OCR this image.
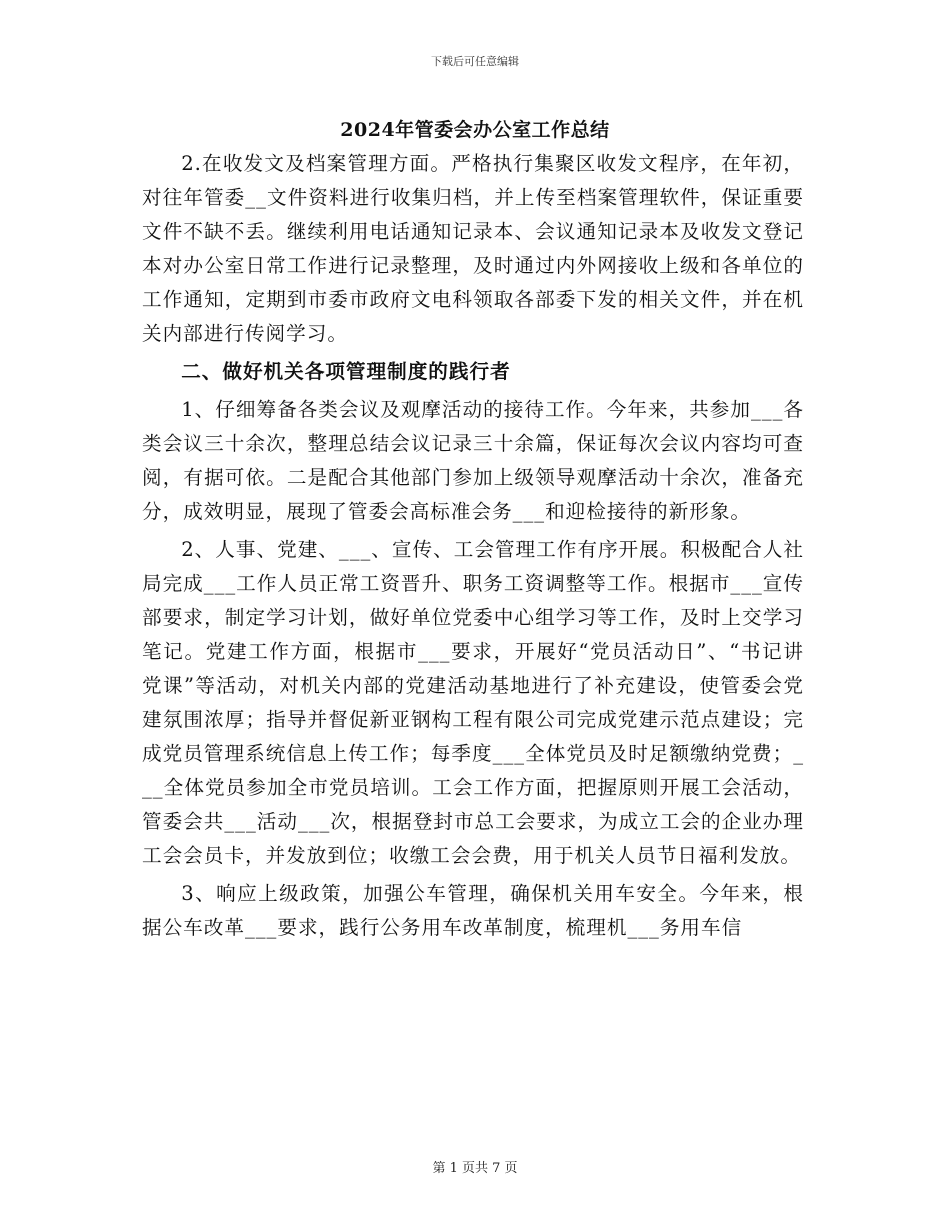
下载后可任意编辑
2024年管委会办公室工作总结

2.在收发文及档案管理方面。严格执行集聚区收发文程序，在年初，对往年管委__文件资料进行收集归档，并上传至档案管理软件，保证重要文件不缺不丢。继续利用电话通知记录本、会议通知记录本及收发文登记本对办公室日常工作进行记录整理，及时通过内外网接收上级和各单位的工作通知，定期到市委市政府文电科领取各部委下发的相关文件，并在机关内部进行传阅学习。

二、做好机关各项管理制度的践行者

1、仔细筹备各类会议及观摩活动的接待工作。今年来，共参加___各类会议三十余次，整理总结会议记录三十余篇，保证每次会议内容均可查阅，有据可依。二是配合其他部门参加上级领导观摩活动十余次，准备充分，成效明显，展现了管委会高标准会务___和迎检接待的新形象。

2、人事、党建、___、宣传、工会管理工作有序开展。积极配合人社局完成___工作人员正常工资晋升、职务工资调整等工作。根据市___宣传部要求，制定学习计划，做好单位党委中心组学习等工作，及时上交学习笔记。党建工作方面，根据市___要求，开展好“党员活动日”、“书记讲党课”等活动，对机关内部的党建活动基地进行了补充建设，使管委会党建氛围浓厚；指导并督促新亚钢构工程有限公司完成党建示范点建设；完成党员管理系统信息上传工作；每季度___全体党员及时足额缴纳党费；___全体党员参加全市党员培训。工会工作方面，把握原则开展工会活动，管委会共___活动___次，根据登封市总工会要求，为成立工会的企业办理工会会员卡，并发放到位；收缴工会会费，用于机关人员节日福利发放。

3、响应上级政策，加强公车管理，确保机关用车安全。今年来，根据公车改革___要求，践行公务用车改革制度，梳理机___务用车信

第 1 页共 7 页
